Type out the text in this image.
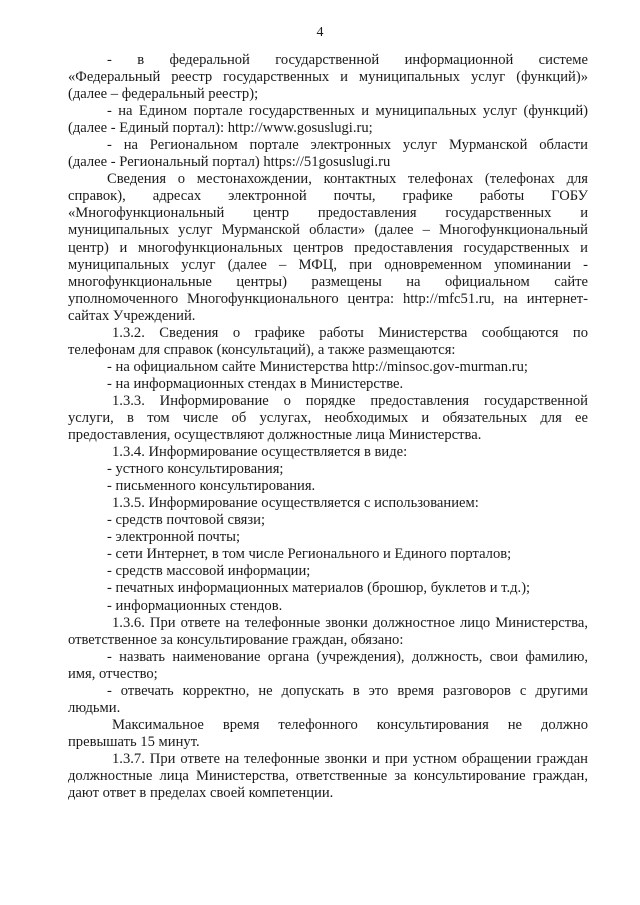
4
- в федеральной государственной информационной системе
«Федеральный реестр государственных и муниципальных услуг (функций)»
(далее – федеральный реестр);
- на Едином портале государственных и муниципальных услуг (функций)
(далее - Единый портал): http://www.gosuslugi.ru;
- на Региональном портале электронных услуг Мурманской области
(далее - Региональный портал) https://51gosuslugi.ru
Сведения о местонахождении, контактных телефонах (телефонах для
справок), адресах электронной почты, графике работы ГОБУ
«Многофункциональный центр предоставления государственных и
муниципальных услуг Мурманской области» (далее – Многофункциональный
центр) и многофункциональных центров предоставления государственных и
муниципальных услуг (далее – МФЦ, при одновременном упоминании -
многофункциональные центры) размещены на официальном сайте
уполномоченного Многофункционального центра: http://mfc51.ru, на интернет-
сайтах Учреждений.
1.3.2. Сведения о графике работы Министерства сообщаются по
телефонам для справок (консультаций), а также размещаются:
- на официальном сайте Министерства http://minsoc.gov-murman.ru;
- на информационных стендах в Министерстве.
1.3.3. Информирование о порядке предоставления государственной
услуги, в том числе об услугах, необходимых и обязательных для ее
предоставления, осуществляют должностные лица Министерства.
1.3.4. Информирование осуществляется в виде:
- устного консультирования;
- письменного консультирования.
1.3.5. Информирование осуществляется с использованием:
- средств почтовой связи;
- электронной почты;
- сети Интернет, в том числе Регионального и Единого порталов;
- средств массовой информации;
- печатных информационных материалов (брошюр, буклетов и т.д.);
- информационных стендов.
1.3.6. При ответе на телефонные звонки должностное лицо Министерства,
ответственное за консультирование граждан, обязано:
- назвать наименование органа (учреждения), должность, свои фамилию,
имя, отчество;
- отвечать корректно, не допускать в это время разговоров с другими
людьми.
Максимальное время телефонного консультирования не должно
превышать 15 минут.
1.3.7. При ответе на телефонные звонки и при устном обращении граждан
должностные лица Министерства, ответственные за консультирование граждан,
дают ответ в пределах своей компетенции.
